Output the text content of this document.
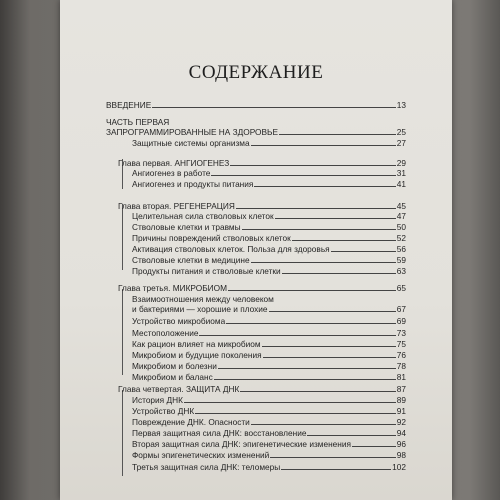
СОДЕРЖАНИЕ
ВВЕДЕНИЕ	13
ЧАСТЬ ПЕРВАЯ
ЗАПРОГРАММИРОВАННЫЕ НА ЗДОРОВЬЕ	25
Защитные системы организма	27
Глава первая. АНГИОГЕНЕЗ	29
Ангиогенез в работе	31
Ангиогенез и продукты питания	41
Глава вторая. РЕГЕНЕРАЦИЯ	45
Целительная сила стволовых клеток	47
Стволовые клетки и травмы	50
Причины повреждений стволовых клеток	52
Активация стволовых клеток. Польза для здоровья	56
Стволовые клетки в медицине	59
Продукты питания и стволовые клетки	63
Глава третья. МИКРОБИОМ	65
Взаимоотношения между человеком
и бактериями — хорошие и плохие	67
Устройство микробиома	69
Местоположение	73
Как рацион влияет на микробиом	75
Микробиом и будущие поколения	76
Микробиом и болезни	78
Микробиом и баланс	81
Глава четвертая. ЗАЩИТА ДНК	87
История ДНК	89
Устройство ДНК	91
Повреждение ДНК. Опасности	92
Первая защитная сила ДНК: восстановление	94
Вторая защитная сила ДНК: эпигенетические изменения	96
Формы эпигенетических изменений	98
Третья защитная сила ДНК: теломеры	102
